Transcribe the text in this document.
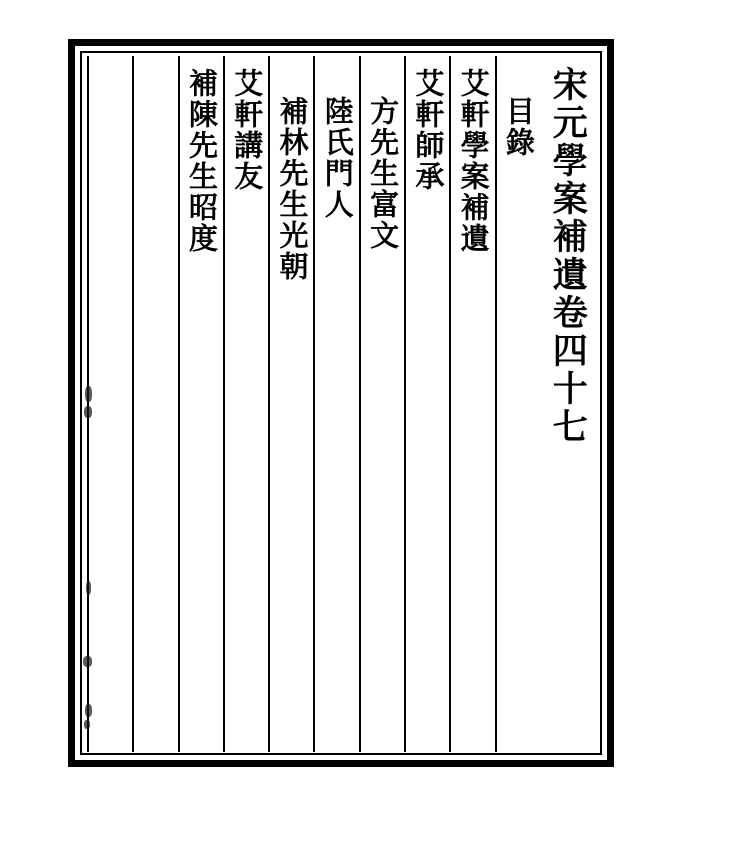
宋元學案補遺卷四十七
目錄
艾軒學案補遺
艾軒師承
方先生富文
陸氏門人
補林先生光朝
艾軒講友
補陳先生昭度
